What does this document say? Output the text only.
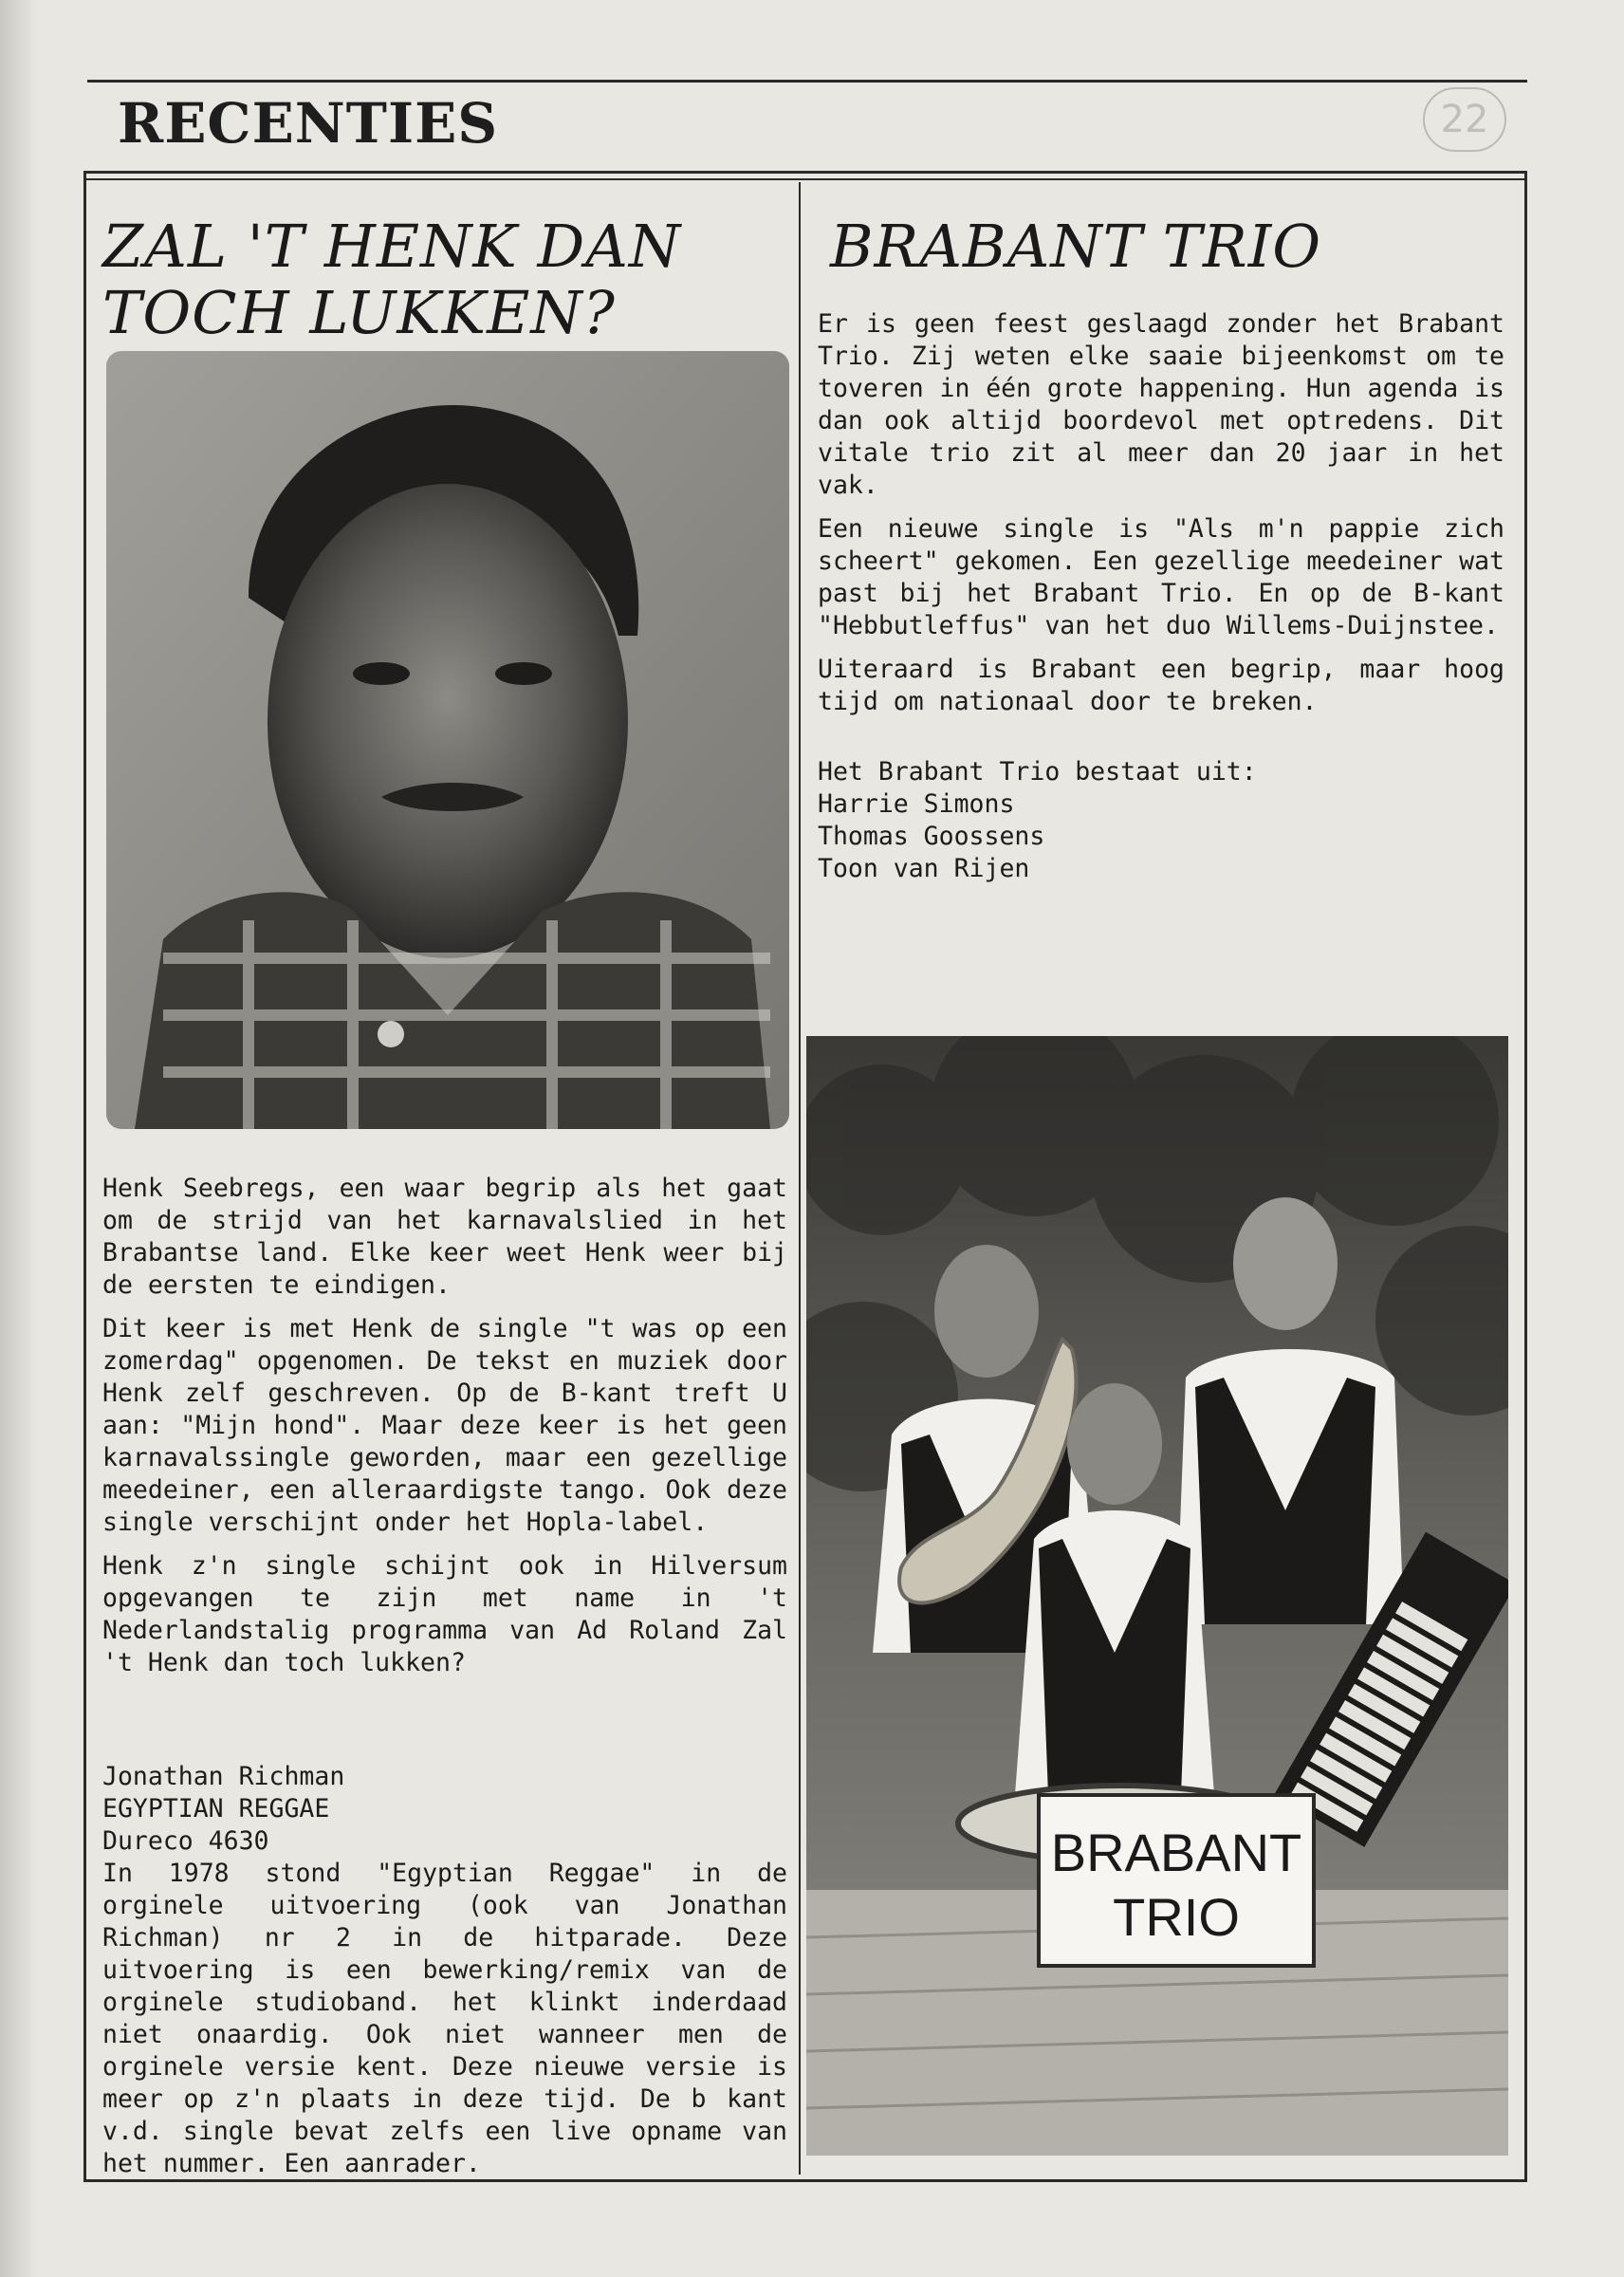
RECENTIES	22
ZAL 'T HENK DAN TOCH LUKKEN?

Henk Seebregs, een waar begrip als het gaat om de strijd van het karnavalslied in het Brabantse land. Elke keer weet Henk weer bij de eersten te eindigen.

Dit keer is met Henk de single "t was op een zomerdag" opgenomen. De tekst en muziek door Henk zelf geschreven. Op de B-kant treft U aan: "Mijn hond". Maar deze keer is het geen karnavalssingle geworden, maar een gezellige meedeiner, een alleraardigste tango. Ook deze single verschijnt onder het Hopla-label.

Henk z'n single schijnt ook in Hilversum opgevangen te zijn met name in 't Nederlandstalig programma van Ad Roland Zal 't Henk dan toch lukken?

Jonathan Richman
EGYPTIAN REGGAE
Dureco 4630

In 1978 stond "Egyptian Reggae" in de orginele uitvoering (ook van Jonathan Richman) nr 2 in de hitparade. Deze uitvoering is een bewerking/remix van de orginele studioband. het klinkt inderdaad niet onaardig. Ook niet wanneer men de orginele versie kent. Deze nieuwe versie is meer op z'n plaats in deze tijd. De b kant v.d. single bevat zelfs een live opname van het nummer. Een aanrader.

BRABANT TRIO

Er is geen feest geslaagd zonder het Brabant Trio. Zij weten elke saaie bijeenkomst om te toveren in één grote happening. Hun agenda is dan ook altijd boordevol met optredens. Dit vitale trio zit al meer dan 20 jaar in het vak.

Een nieuwe single is "Als m'n pappie zich scheert" gekomen. Een gezellige meedeiner wat past bij het Brabant Trio. En op de B-kant "Hebbutleffus" van het duo Willems-Duijnstee.

Uiteraard is Brabant een begrip, maar hoog tijd om nationaal door te breken.

Het Brabant Trio bestaat uit:
Harrie Simons
Thomas Goossens
Toon van Rijen
BRABANT
TRIO
